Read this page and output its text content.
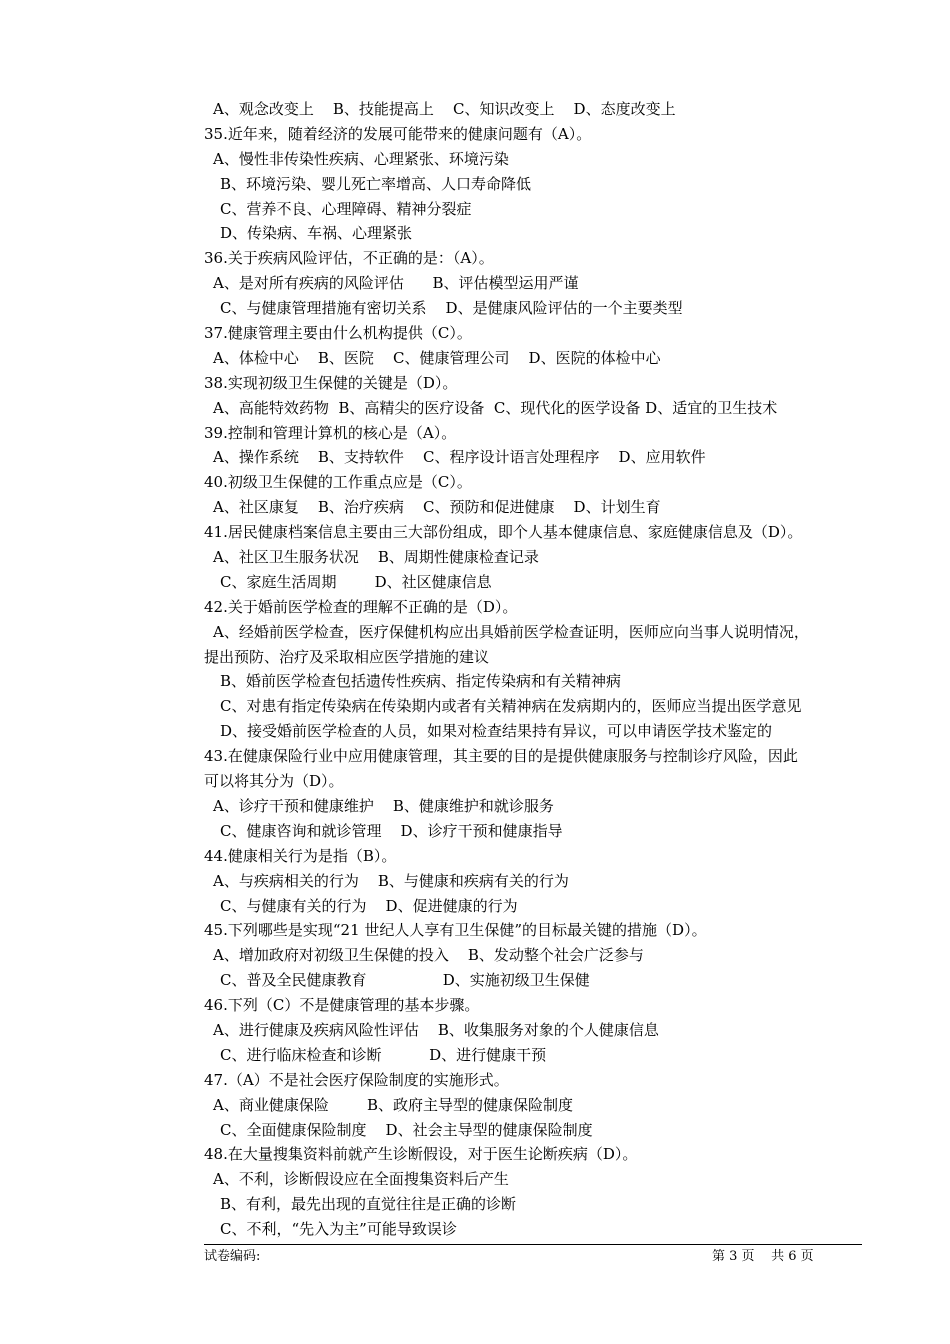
A、观念改变上    B、技能提高上    C、知识改变上    D、态度改变上
35.近年来，随着经济的发展可能带来的健康问题有（A）。
A、慢性非传染性疾病、心理紧张、环境污染
B、环境污染、婴儿死亡率增高、人口寿命降低
C、营养不良、心理障碍、精神分裂症
D、传染病、车祸、心理紧张
36.关于疾病风险评估，不正确的是：（A）。
A、是对所有疾病的风险评估      B、评估模型运用严谨
C、与健康管理措施有密切关系    D、是健康风险评估的一个主要类型
37.健康管理主要由什么机构提供（C）。
A、体检中心    B、医院    C、健康管理公司    D、医院的体检中心
38.实现初级卫生保健的关键是（D）。
A、高能特效药物  B、高精尖的医疗设备  C、现代化的医学设备 D、适宜的卫生技术
39.控制和管理计算机的核心是（A）。
A、操作系统    B、支持软件    C、程序设计语言处理程序    D、应用软件
40.初级卫生保健的工作重点应是（C）。
A、社区康复    B、治疗疾病    C、预防和促进健康    D、计划生育
41.居民健康档案信息主要由三大部份组成，即个人基本健康信息、家庭健康信息及（D）。
A、社区卫生服务状况    B、周期性健康检查记录
C、家庭生活周期        D、社区健康信息
42.关于婚前医学检查的理解不正确的是（D）。
A、经婚前医学检查，医疗保健机构应出具婚前医学检查证明，医师应向当事人说明情况，
提出预防、治疗及采取相应医学措施的建议
B、婚前医学检查包括遗传性疾病、指定传染病和有关精神病
C、对患有指定传染病在传染期内或者有关精神病在发病期内的，医师应当提出医学意见
D、接受婚前医学检查的人员，如果对检查结果持有异议，可以申请医学技术鉴定的
43.在健康保险行业中应用健康管理，其主要的目的是提供健康服务与控制诊疗风险，因此
可以将其分为（D）。
A、诊疗干预和健康维护    B、健康维护和就诊服务
C、健康咨询和就诊管理    D、诊疗干预和健康指导
44.健康相关行为是指（B）。
A、与疾病相关的行为    B、与健康和疾病有关的行为
C、与健康有关的行为    D、促进健康的行为
45.下列哪些是实现“21 世纪人人享有卫生保健”的目标最关键的措施（D）。
A、增加政府对初级卫生保健的投入    B、发动整个社会广泛参与
C、普及全民健康教育                D、实施初级卫生保健
46.下列（C）不是健康管理的基本步骤。
A、进行健康及疾病风险性评估    B、收集服务对象的个人健康信息
C、进行临床检查和诊断          D、进行健康干预
47.（A）不是社会医疗保险制度的实施形式。
A、商业健康保险        B、政府主导型的健康保险制度
C、全面健康保险制度    D、社会主导型的健康保险制度
48.在大量搜集资料前就产生诊断假设，对于医生论断疾病（D）。
A、不利，诊断假设应在全面搜集资料后产生
B、有利，最先出现的直觉往往是正确的诊断
C、不利，“先入为主”可能导致误诊
试卷编码:	第 3 页    共 6 页
